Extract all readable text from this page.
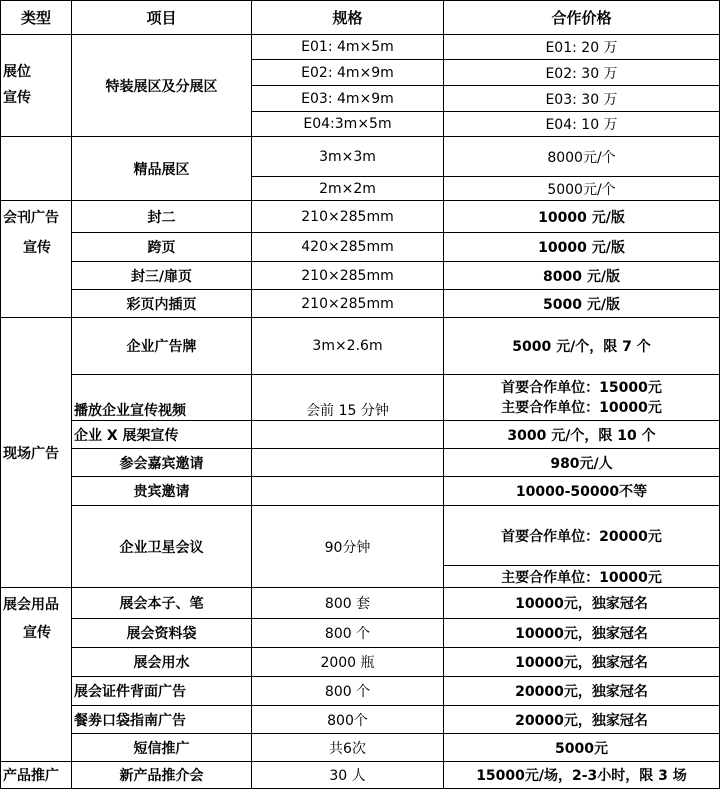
类型	项目	规格	合作价格

展位
宣传	特装展区及分展区	E01: 4m×5m	E01: 20 万
		E02: 4m×9m	E02: 30 万
		E03: 4m×9m	E03: 30 万
		E04:3m×5m	E04: 10 万
	精品展区	3m×3m	8000元/个
		2m×2m	5000元/个

会刊广告
宣传	封二	210×285mm	10000 元/版
	跨页	420×285mm	10000 元/版
	封三/扉页	210×285mm	8000 元/版
	彩页内插页	210×285mm	5000 元/版
现场广告	企业广告牌	3m×2.6m	5000 元/个，限 7 个
	播放企业宣传视频	会前 15 分钟	首要合作单位：15000元
主要合作单位：10000元

	企业 X 展架宣传		3000 元/个，限 10 个
	参会嘉宾邀请		980元/人
	贵宾邀请		10000-50000不等
	企业卫星会议	90分钟	首要合作单位：20000元
			主要合作单位：10000元

展会用品
宣传	展会本子、笔	800 套	10000元，独家冠名
	展会资料袋	800 个	10000元，独家冠名
	展会用水	2000 瓶	10000元，独家冠名
	展会证件背面广告	800 个	20000元，独家冠名
	餐劵口袋指南广告	800个	20000元，独家冠名
	短信推广	共6次	5000元
产品推广	新产品推介会	30 人	15000元/场，2-3小时，限 3 场
